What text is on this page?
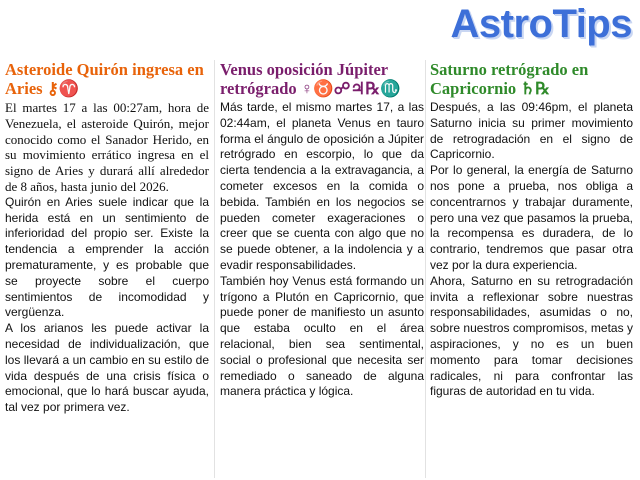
AstroTips
Asteroide Quirón ingresa en Aries ⚷♈

El martes 17 a las 00:27am, hora de Venezuela, el asteroide Quirón, mejor conocido como el Sanador Herido, en su movimiento errático ingresa en el signo de Aries y durará allí alrededor de 8 años, hasta junio del 2026.

Quirón en Aries suele indicar que la herida está en un sentimiento de inferioridad del propio ser. Existe la tendencia a emprender la acción prematuramente, y es probable que se proyecte sobre el cuerpo sentimientos de incomodidad y vergüenza.

A los arianos les puede activar la necesidad de individualización, que los llevará a un cambio en su estilo de vida después de una crisis física o emocional, que lo hará buscar ayuda, tal vez por primera vez.

Venus oposición Júpiter retrógrado ♀♉☍♃℞♏

Más tarde, el mismo martes 17, a las 02:44am, el planeta Venus en tauro forma el ángulo de oposición a Júpiter retrógrado en escorpio, lo que da cierta tendencia a la extravagancia, a cometer excesos en la comida o bebida. También en los negocios se pueden cometer exageraciones o creer que se cuenta con algo que no se puede obtener, a la indolencia y a evadir responsabilidades.

También hoy Venus está formando un trígono a Plutón en Capricornio, que puede poner de manifiesto un asunto que estaba oculto en el área relacional, bien sea sentimental, social o profesional que necesita ser remediado o saneado de alguna manera práctica y lógica.

Saturno retrógrado en Capricornio ♄℞

Después, a las 09:46pm, el planeta Saturno inicia su primer movimiento de retrogradación en el signo de Capricornio.

Por lo general, la energía de Saturno nos pone a prueba, nos obliga a concentrarnos y trabajar duramente, pero una vez que pasamos la prueba, la recompensa es duradera, de lo contrario, tendremos que pasar otra vez por la dura experiencia.

Ahora, Saturno en su retrogradación invita a reflexionar sobre nuestras responsabilidades, asumidas o no, sobre nuestros compromisos, metas y aspiraciones, y no es un buen momento para tomar decisiones radicales, ni para confrontar las figuras de autoridad en tu vida.
